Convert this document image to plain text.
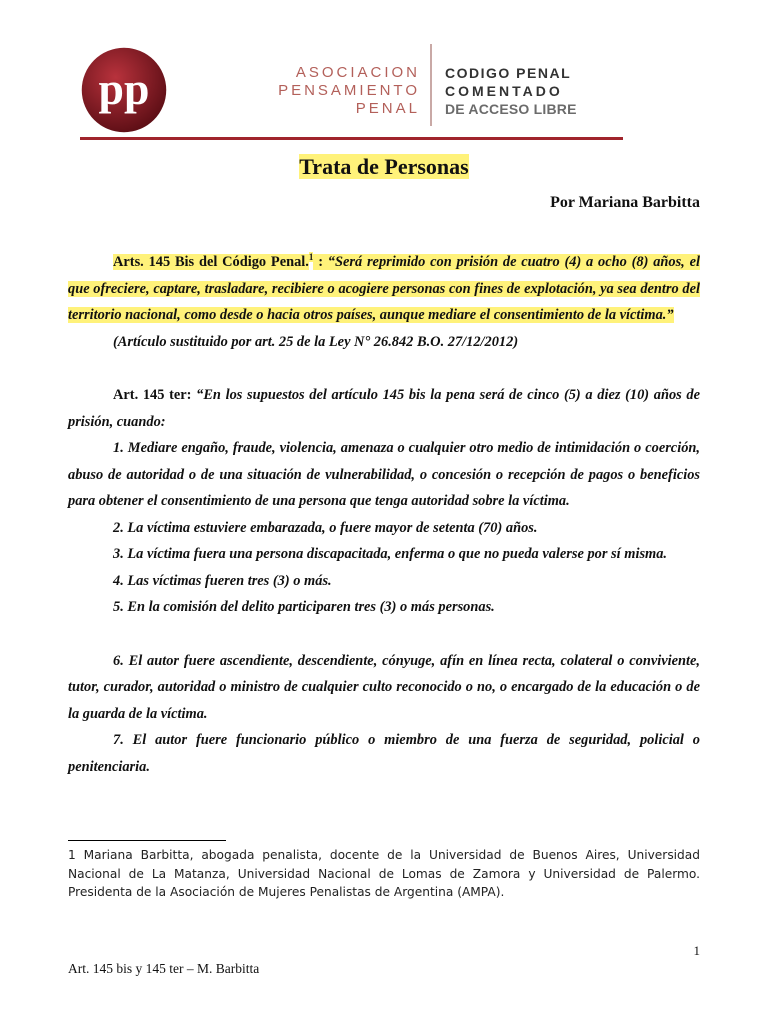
pp	ASOCIACION
PENSAMIENTO
PENAL
CODIGO PENAL
COMENTADO
DE ACCESO LIBRE
Trata de Personas
Por Mariana Barbitta

Arts. 145 Bis del Código Penal.$^1$ : “Será reprimido con prisión de cuatro (4) a ocho (8) años, el que ofreciere, captare, trasladare, recibiere o acogiere personas con fines de explotación, ya sea dentro del territorio nacional, como desde o hacia otros países, aunque mediare el consentimiento de la víctima.”

(Artículo sustituido por art. 25 de la Ley N° 26.842 B.O. 27/12/2012)

Art. 145 ter: “En los supuestos del artículo 145 bis la pena será de cinco (5) a diez (10) años de prisión, cuando:

1. Mediare engaño, fraude, violencia, amenaza o cualquier otro medio de intimidación o coerción, abuso de autoridad o de una situación de vulnerabilidad, o concesión o recepción de pagos o beneficios para obtener el consentimiento de una persona que tenga autoridad sobre la víctima.

2. La víctima estuviere embarazada, o fuere mayor de setenta (70) años.

3. La víctima fuera una persona discapacitada, enferma o que no pueda valerse por sí misma.

4. Las víctimas fueren tres (3) o más.

5. En la comisión del delito participaren tres (3) o más personas.

6. El autor fuere ascendiente, descendiente, cónyuge, afín en línea recta, colateral o conviviente, tutor, curador, autoridad o ministro de cualquier culto reconocido o no, o encargado de la educación o de la guarda de la víctima.

7. El autor fuere funcionario público o miembro de una fuerza de seguridad, policial o penitenciaria.

1 Mariana Barbitta, abogada penalista, docente de la Universidad de Buenos Aires, Universidad Nacional de La Matanza, Universidad Nacional de Lomas de Zamora y Universidad de Palermo. Presidenta de la Asociación de Mujeres Penalistas de Argentina (AMPA).
1
Art. 145 bis y 145 ter – M. Barbitta
